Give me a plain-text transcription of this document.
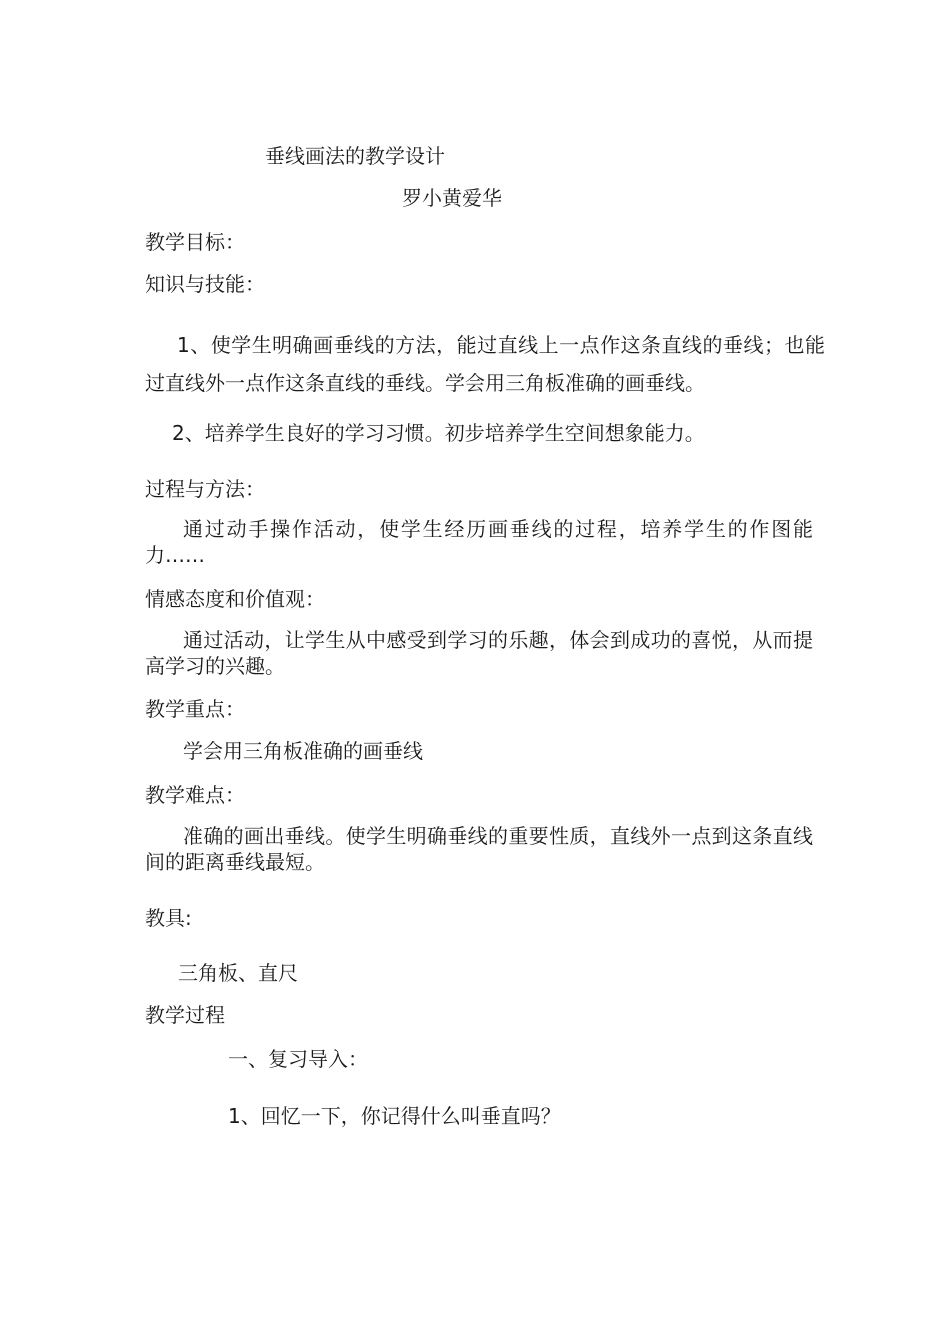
垂线画法的教学设计
罗小黄爱华
教学目标：
知识与技能：
1、使学生明确画垂线的方法，能过直线上一点作这条直线的垂线；也能过直线外一点作这条直线的垂线。学会用三角板准确的画垂线。
2、培养学生良好的学习习惯。初步培养学生空间想象能力。
过程与方法：
通过动手操作活动，使学生经历画垂线的过程，培养学生的作图能力……
情感态度和价值观：
通过活动，让学生从中感受到学习的乐趣，体会到成功的喜悦，从而提高学习的兴趣。
教学重点：
学会用三角板准确的画垂线
教学难点：
准确的画出垂线。使学生明确垂线的重要性质，直线外一点到这条直线间的距离垂线最短。
教具:
三角板、直尺
教学过程
一、复习导入：
1、回忆一下，你记得什么叫垂直吗？
